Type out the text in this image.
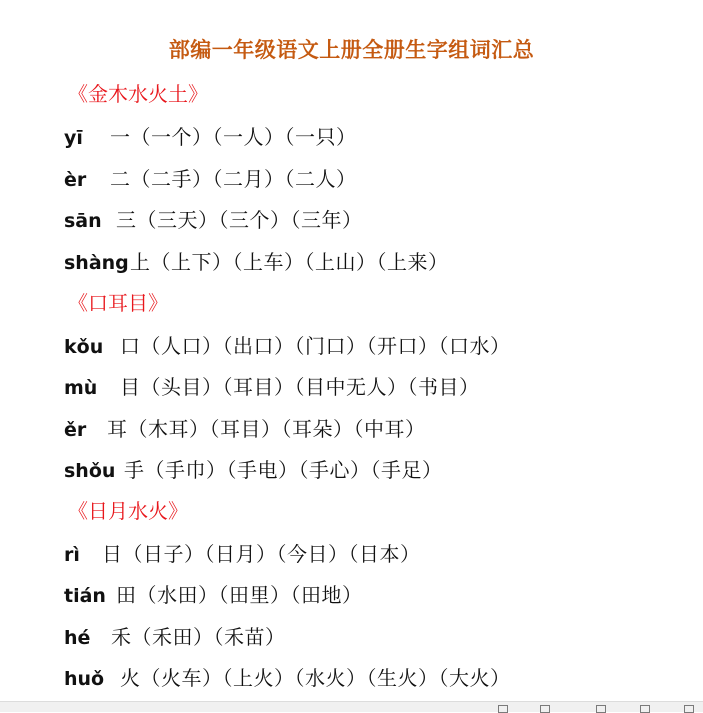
部编一年级语文上册全册生字组词汇总
《金木水火土》
yī 一（一个）（一人）（一只）
èr 二（二手）（二月）（二人）
sān 三（三天）（三个）（三年）
shàng上（上下）（上车）（上山）（上来）
《口耳目》
kǒu 口（人口）（出口）（门口）（开口）（口水）
mù 目（头目）（耳目）（目中无人）（书目）
ěr 耳（木耳）（耳目）（耳朵）（中耳）
shǒu 手（手巾）（手电）（手心）（手足）
《日月水火》
rì 日（日子）（日月）（今日）（日本）
tián 田（水田）（田里）（田地）
hé 禾（禾田）（禾苗）
huǒ 火（火车）（上火）（水火）（生火）（大火）
